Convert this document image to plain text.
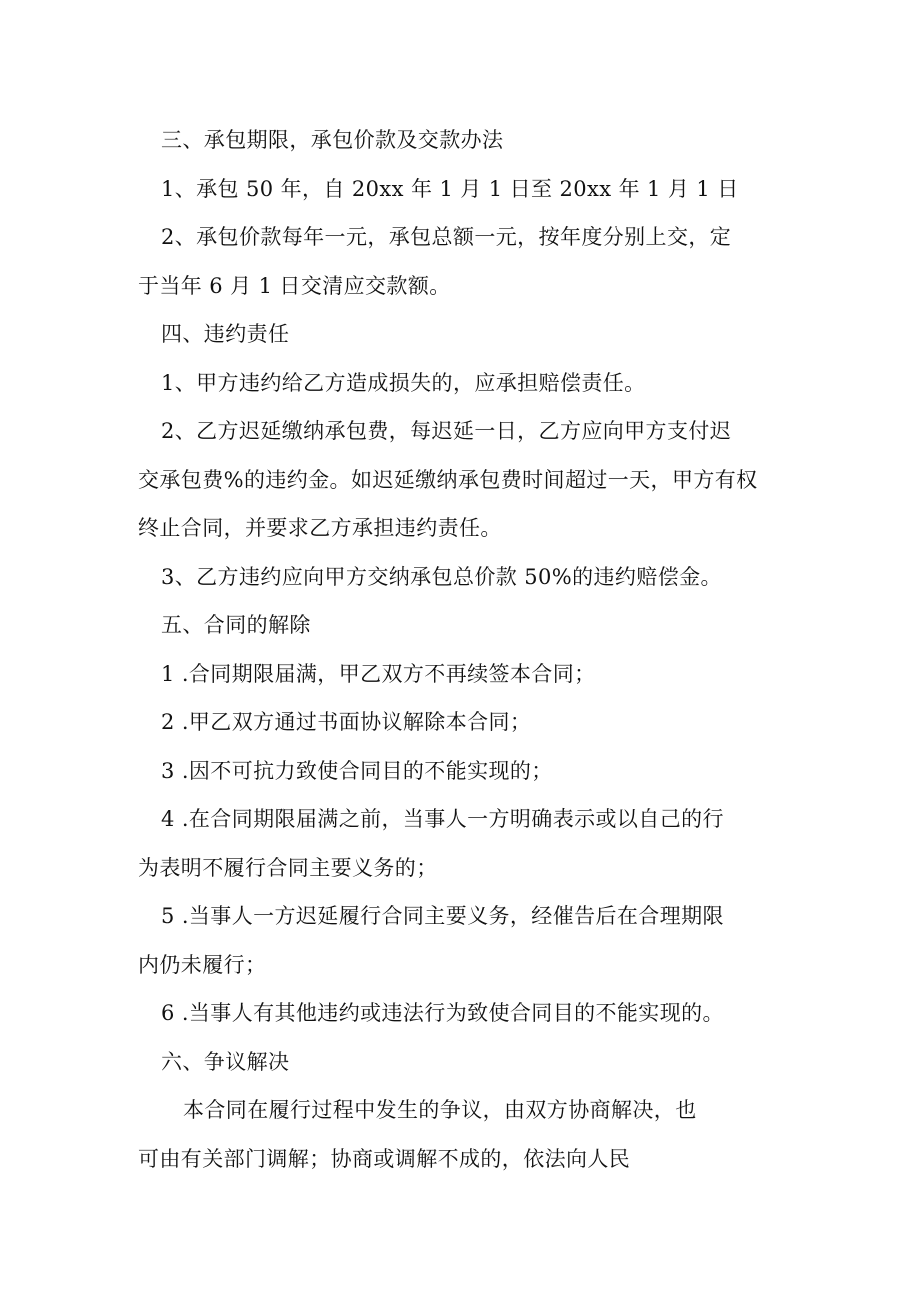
三、承包期限，承包价款及交款办法

1、承包 50 年，自 20xx 年 1 月 1 日至 20xx 年 1 月 1 日

2、承包价款每年一元，承包总额一元，按年度分别上交，定
于当年 6 月 1 日交清应交款额。

四、违约责任

1、甲方违约给乙方造成损失的，应承担赔偿责任。

2、乙方迟延缴纳承包费，每迟延一日，乙方应向甲方支付迟
交承包费%的违约金。如迟延缴纳承包费时间超过一天，甲方有权
终止合同，并要求乙方承担违约责任。

3、乙方违约应向甲方交纳承包总价款 50%的违约赔偿金。

五、合同的解除

1 .合同期限届满，甲乙双方不再续签本合同；

2 .甲乙双方通过书面协议解除本合同；

3 .因不可抗力致使合同目的不能实现的；

4 .在合同期限届满之前，当事人一方明确表示或以自己的行
为表明不履行合同主要义务的；

5 .当事人一方迟延履行合同主要义务，经催告后在合理期限
内仍未履行；

6 .当事人有其他违约或违法行为致使合同目的不能实现的。

六、争议解决

本合同在履行过程中发生的争议，由双方协商解决，也
可由有关部门调解；协商或调解不成的，依法向人民
